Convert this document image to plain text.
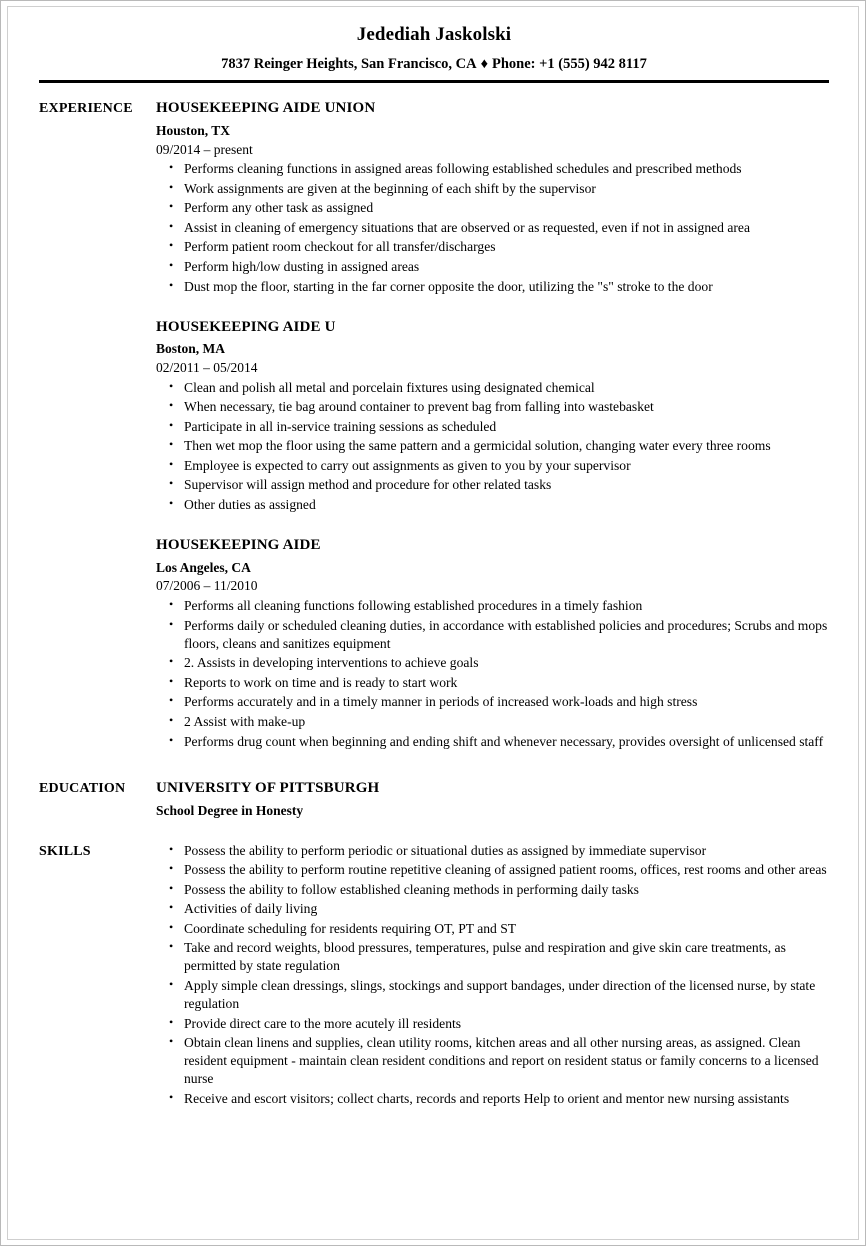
Jedediah Jaskolski
7837 Reinger Heights, San Francisco, CA ♦ Phone: +1 (555) 942 8117
EXPERIENCE	HOUSEKEEPING AIDE UNION
Houston, TX
09/2014 – present
• Performs cleaning functions in assigned areas following established schedules and prescribed methods
• Work assignments are given at the beginning of each shift by the supervisor
• Perform any other task as assigned
• Assist in cleaning of emergency situations that are observed or as requested, even if not in assigned area
• Perform patient room checkout for all transfer/discharges
• Perform high/low dusting in assigned areas
• Dust mop the floor, starting in the far corner opposite the door, utilizing the "s" stroke to the door
HOUSEKEEPING AIDE U
Boston, MA
02/2011 – 05/2014
• Clean and polish all metal and porcelain fixtures using designated chemical
• When necessary, tie bag around container to prevent bag from falling into wastebasket
• Participate in all in-service training sessions as scheduled
• Then wet mop the floor using the same pattern and a germicidal solution, changing water every three rooms
• Employee is expected to carry out assignments as given to you by your supervisor
• Supervisor will assign method and procedure for other related tasks
• Other duties as assigned
HOUSEKEEPING AIDE
Los Angeles, CA
07/2006 – 11/2010
• Performs all cleaning functions following established procedures in a timely fashion
• Performs daily or scheduled cleaning duties, in accordance with established policies and procedures; Scrubs and mops floors, cleans and sanitizes equipment
• 2. Assists in developing interventions to achieve goals
• Reports to work on time and is ready to start work
• Performs accurately and in a timely manner in periods of increased work-loads and high stress
• 2 Assist with make-up
• Performs drug count when beginning and ending shift and whenever necessary, provides oversight of unlicensed staff
EDUCATION	UNIVERSITY OF PITTSBURGH
School Degree in Honesty
SKILLS	• Possess the ability to perform periodic or situational duties as assigned by immediate supervisor
• Possess the ability to perform routine repetitive cleaning of assigned patient rooms, offices, rest rooms and other areas
• Possess the ability to follow established cleaning methods in performing daily tasks
• Activities of daily living
• Coordinate scheduling for residents requiring OT, PT and ST
• Take and record weights, blood pressures, temperatures, pulse and respiration and give skin care treatments, as permitted by state regulation
• Apply simple clean dressings, slings, stockings and support bandages, under direction of the licensed nurse, by state regulation
• Provide direct care to the more acutely ill residents
• Obtain clean linens and supplies, clean utility rooms, kitchen areas and all other nursing areas, as assigned. Clean resident equipment - maintain clean resident conditions and report on resident status or family concerns to a licensed nurse
• Receive and escort visitors; collect charts, records and reports Help to orient and mentor new nursing assistants
